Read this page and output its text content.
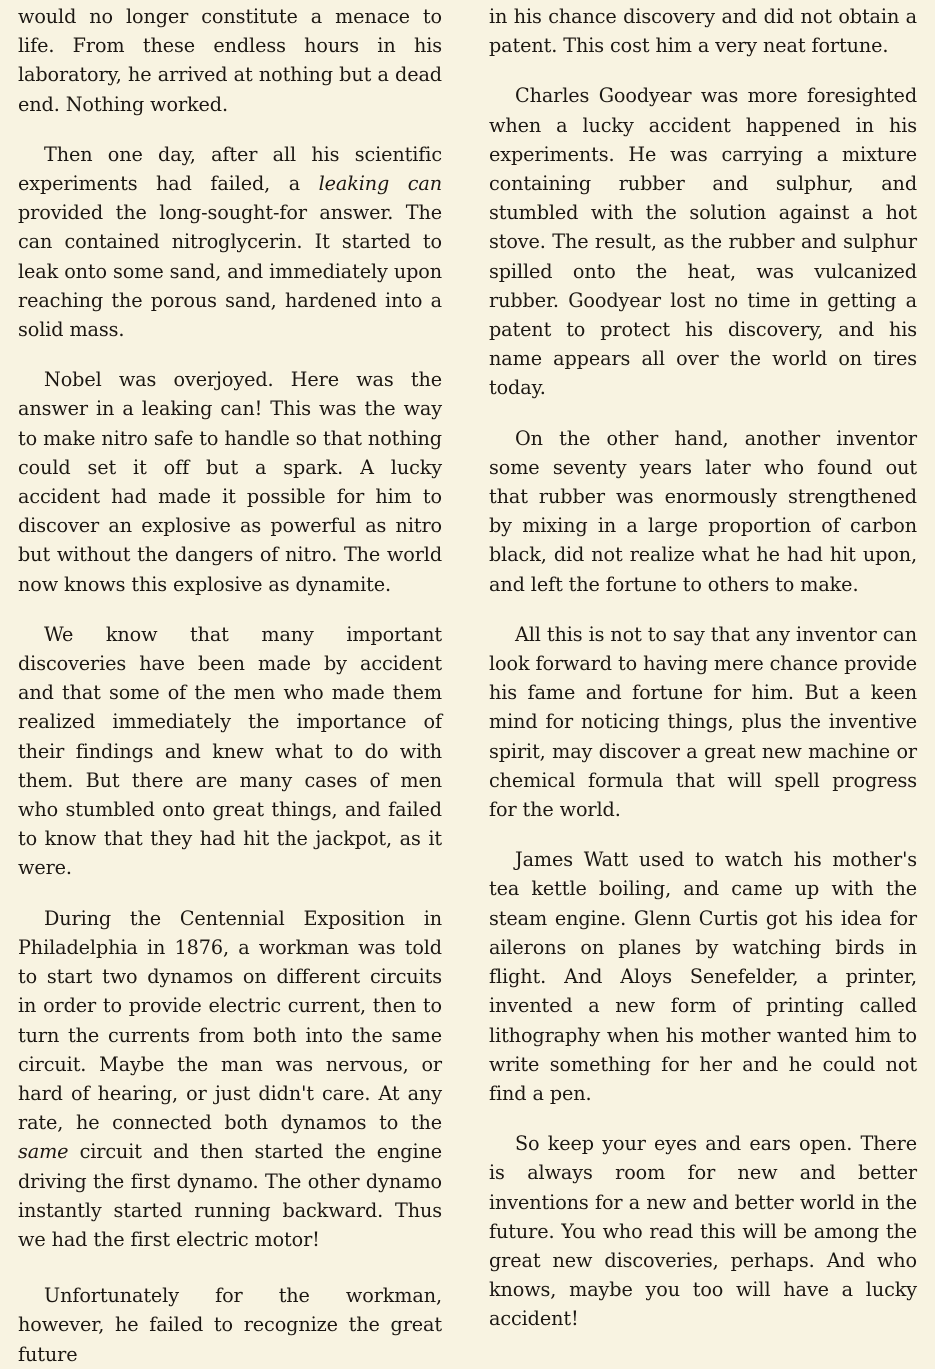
would no longer constitute a menace to life. From these endless hours in his laboratory, he arrived at nothing but a dead end. Nothing worked.

Then one day, after all his scientific experiments had failed, a leaking can provided the long-sought-for answer. The can contained nitroglycerin. It started to leak onto some sand, and immediately upon reaching the porous sand, hardened into a solid mass.

Nobel was overjoyed. Here was the answer in a leaking can! This was the way to make nitro safe to handle so that nothing could set it off but a spark. A lucky accident had made it possible for him to discover an explosive as powerful as nitro but without the dangers of nitro. The world now knows this explosive as dynamite.

We know that many important discoveries have been made by accident and that some of the men who made them realized immediately the importance of their findings and knew what to do with them. But there are many cases of men who stumbled onto great things, and failed to know that they had hit the jackpot, as it were.

During the Centennial Exposition in Philadelphia in 1876, a workman was told to start two dynamos on different circuits in order to provide electric current, then to turn the currents from both into the same circuit. Maybe the man was nervous, or hard of hearing, or just didn't care. At any rate, he connected both dynamos to the same circuit and then started the engine driving the first dynamo. The other dynamo instantly started running backward. Thus we had the first electric motor!

Unfortunately for the workman, however, he failed to recognize the great future

in his chance discovery and did not obtain a patent. This cost him a very neat fortune.

Charles Goodyear was more foresighted when a lucky accident happened in his experiments. He was carrying a mixture containing rubber and sulphur, and stumbled with the solution against a hot stove. The result, as the rubber and sulphur spilled onto the heat, was vulcanized rubber. Goodyear lost no time in getting a patent to protect his discovery, and his name appears all over the world on tires today.

On the other hand, another inventor some seventy years later who found out that rubber was enormously strengthened by mixing in a large proportion of carbon black, did not realize what he had hit upon, and left the fortune to others to make.

All this is not to say that any inventor can look forward to having mere chance provide his fame and fortune for him. But a keen mind for noticing things, plus the inventive spirit, may discover a great new machine or chemical formula that will spell progress for the world.

James Watt used to watch his mother's tea kettle boiling, and came up with the steam engine. Glenn Curtis got his idea for ailerons on planes by watching birds in flight. And Aloys Senefelder, a printer, invented a new form of printing called lithography when his mother wanted him to write something for her and he could not find a pen.

So keep your eyes and ears open. There is always room for new and better inventions for a new and better world in the future. You who read this will be among the great new discoveries, perhaps. And who knows, maybe you too will have a lucky accident!
